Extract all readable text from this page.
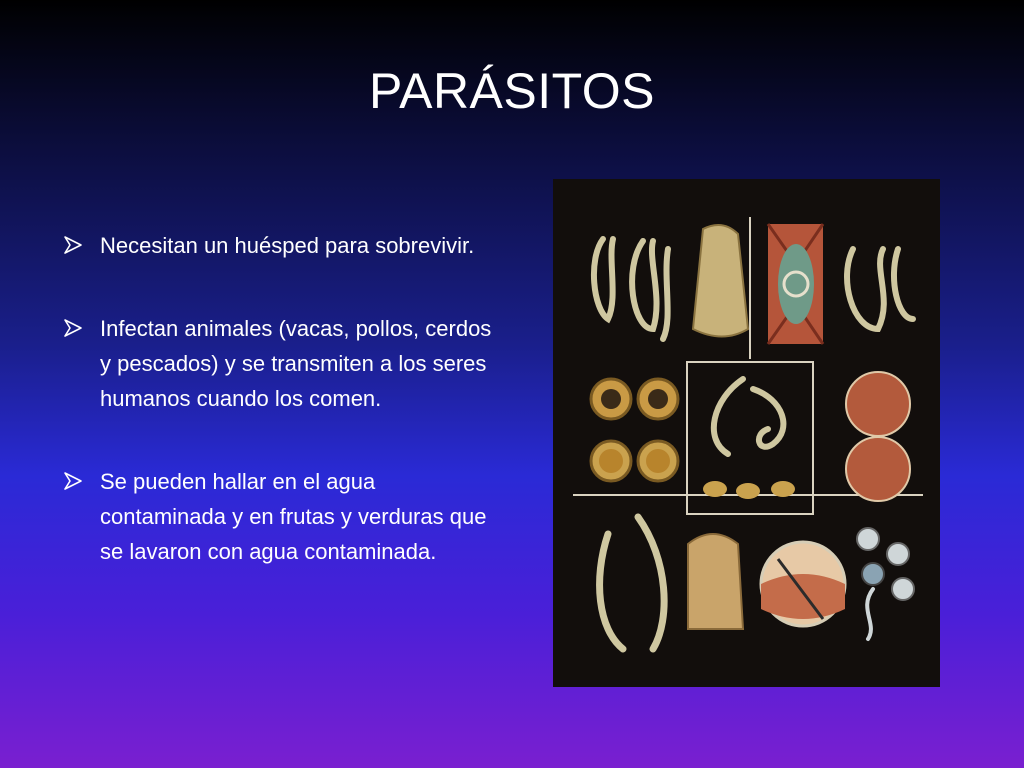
PARÁSITOS
Necesitan un huésped para sobrevivir.
Infectan animales (vacas, pollos, cerdos y pescados) y se transmiten a los seres humanos cuando los comen.
Se pueden hallar en el agua contaminada y en frutas y verduras que se lavaron con agua contaminada.
